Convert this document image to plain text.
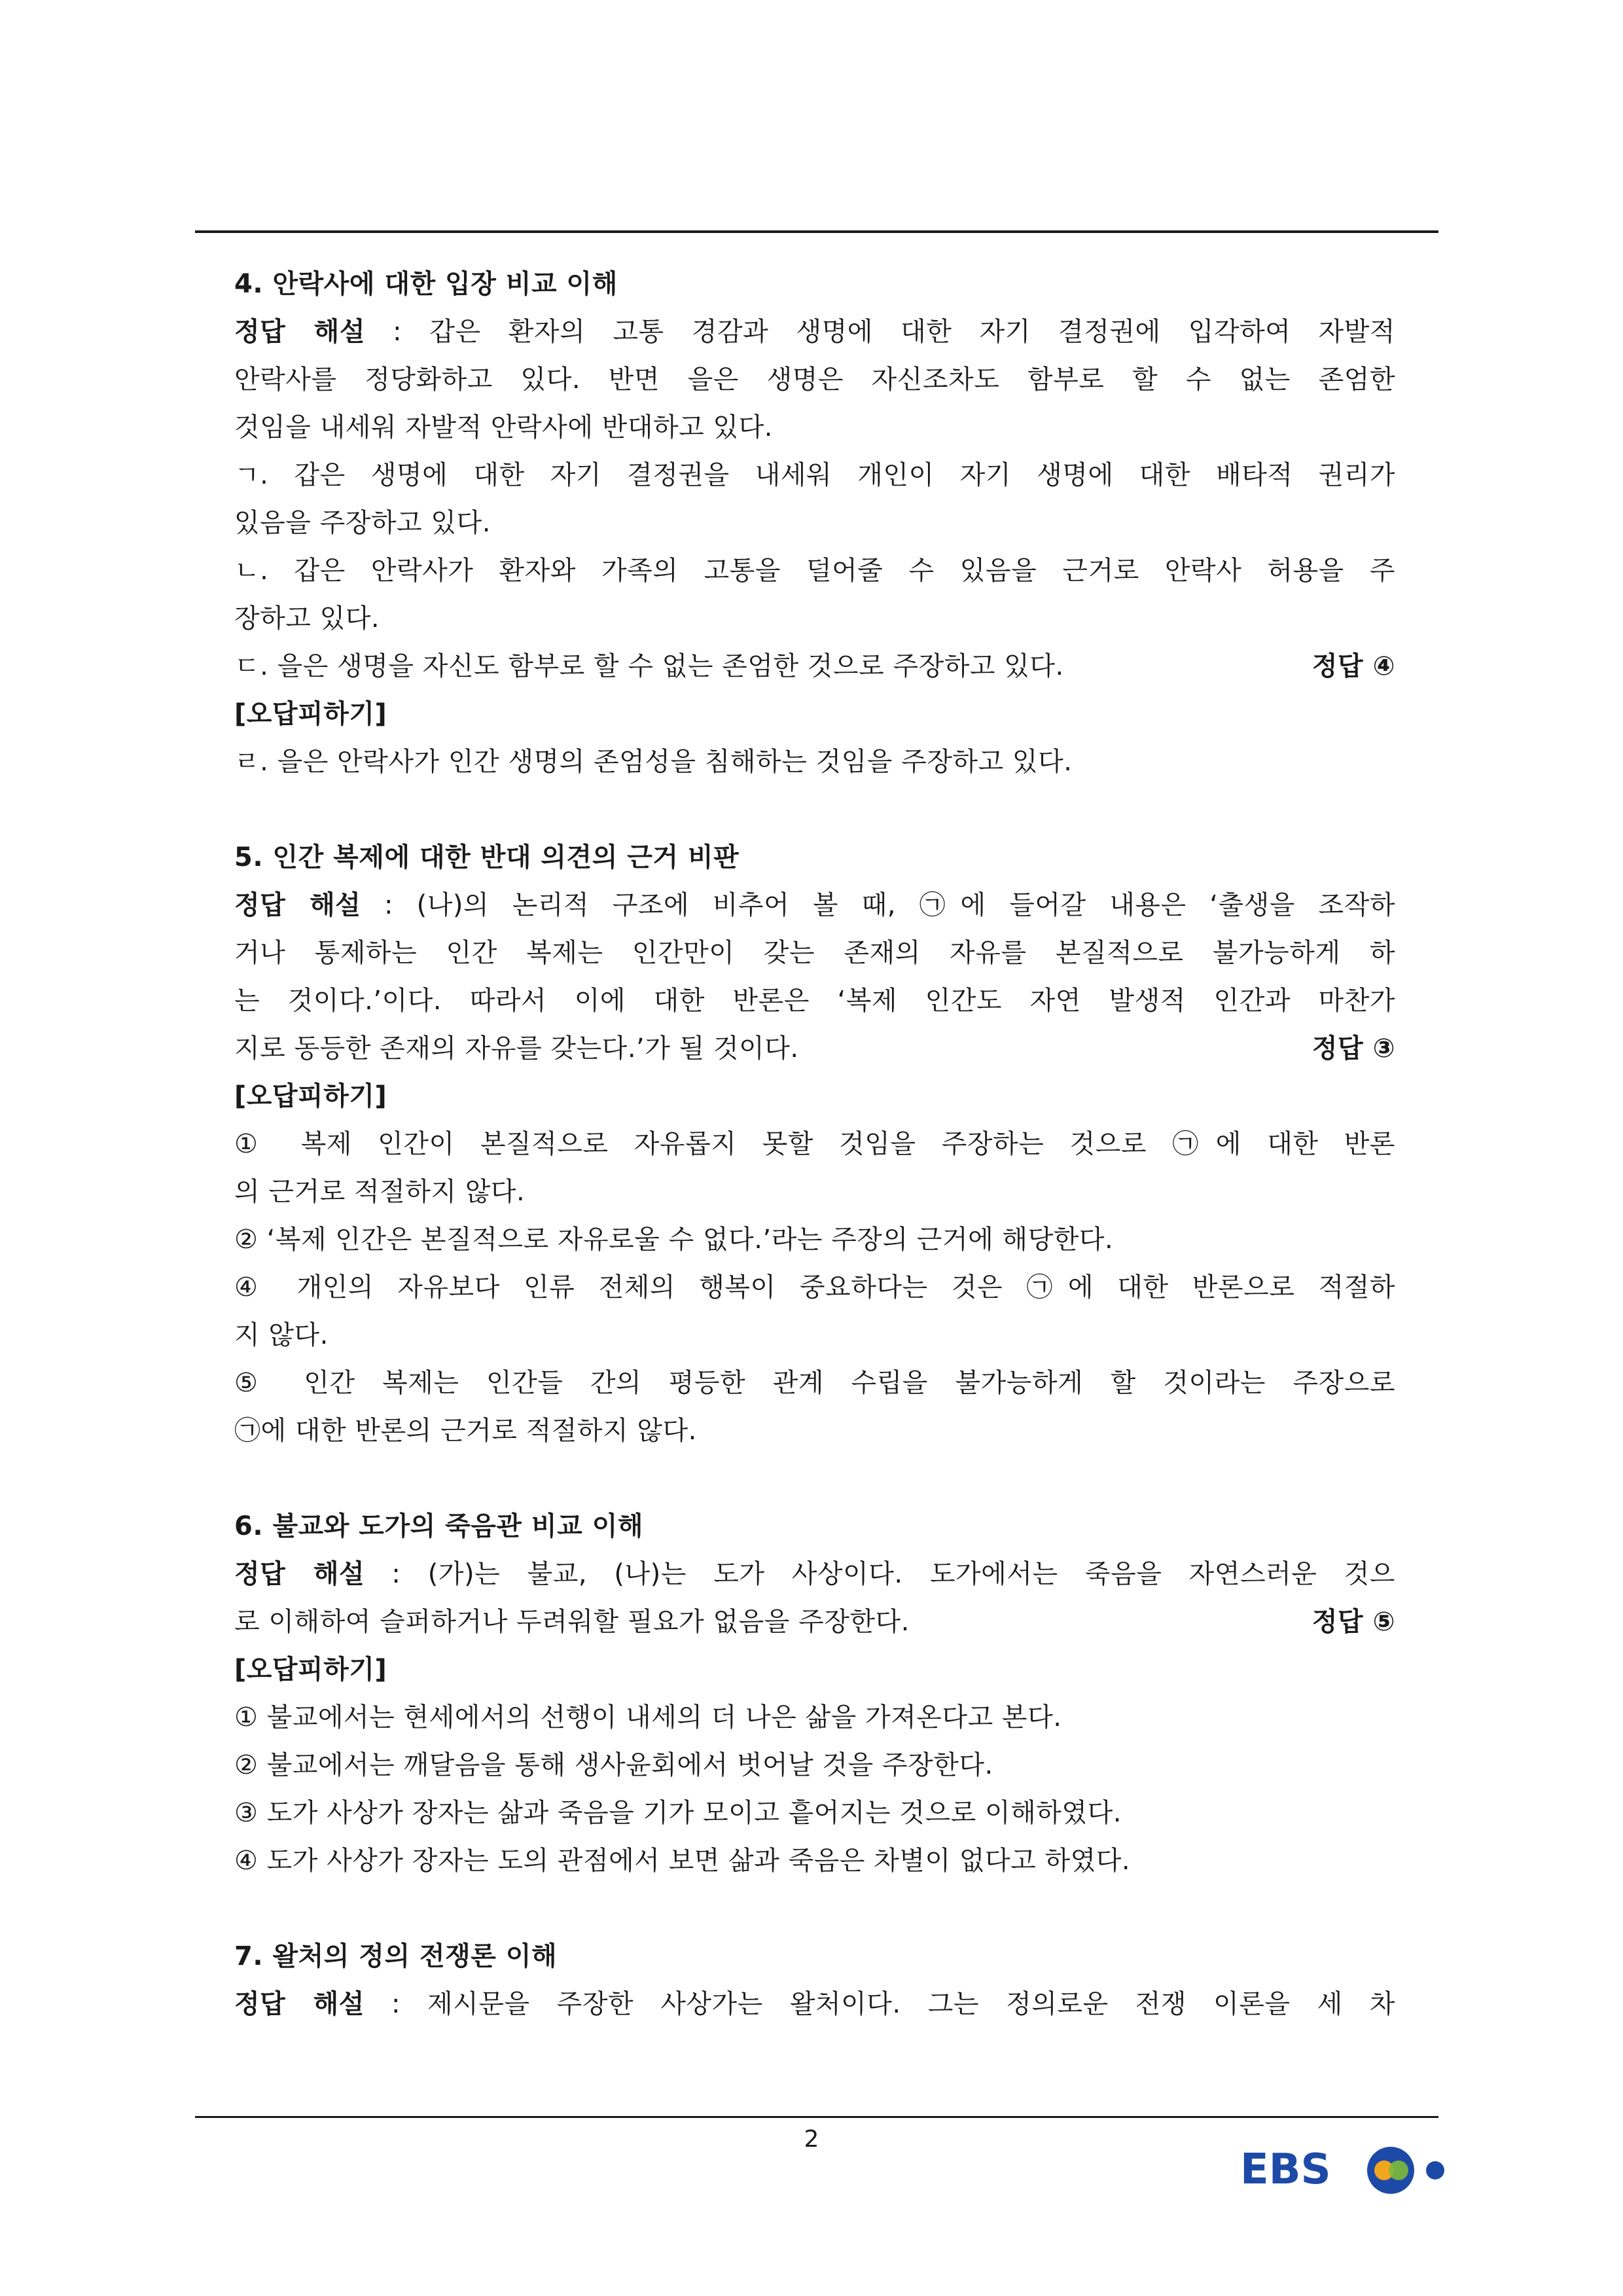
4. 안락사에 대한 입장 비교 이해
정답 해설 : 갑은 환자의 고통 경감과 생명에 대한 자기 결정권에 입각하여 자발적
안락사를 정당화하고 있다. 반면 을은 생명은 자신조차도 함부로 할 수 없는 존엄한
것임을 내세워 자발적 안락사에 반대하고 있다.
ㄱ. 갑은 생명에 대한 자기 결정권을 내세워 개인이 자기 생명에 대한 배타적 권리가
있음을 주장하고 있다.
ㄴ. 갑은 안락사가 환자와 가족의 고통을 덜어줄 수 있음을 근거로 안락사 허용을 주
장하고 있다.
ㄷ. 을은 생명을 자신도 함부로 할 수 없는 존엄한 것으로 주장하고 있다.	정답 ④
[오답피하기]
ㄹ. 을은 안락사가 인간 생명의 존엄성을 침해하는 것임을 주장하고 있다.
5. 인간 복제에 대한 반대 의견의 근거 비판
정답 해설 : (나)의 논리적 구조에 비추어 볼 때, ㉠에 들어갈 내용은 ‘출생을 조작하
거나 통제하는 인간 복제는 인간만이 갖는 존재의 자유를 본질적으로 불가능하게 하
는 것이다.’이다. 따라서 이에 대한 반론은 ‘복제 인간도 자연 발생적 인간과 마찬가
지로 동등한 존재의 자유를 갖는다.’가 될 것이다.	정답 ③
[오답피하기]
① 복제 인간이 본질적으로 자유롭지 못할 것임을 주장하는 것으로 ㉠에 대한 반론
의 근거로 적절하지 않다.
② ‘복제 인간은 본질적으로 자유로울 수 없다.’라는 주장의 근거에 해당한다.
④ 개인의 자유보다 인류 전체의 행복이 중요하다는 것은 ㉠에 대한 반론으로 적절하
지 않다.
⑤ 인간 복제는 인간들 간의 평등한 관계 수립을 불가능하게 할 것이라는 주장으로
㉠에 대한 반론의 근거로 적절하지 않다.
6. 불교와 도가의 죽음관 비교 이해
정답 해설 : (가)는 불교, (나)는 도가 사상이다. 도가에서는 죽음을 자연스러운 것으
로 이해하여 슬퍼하거나 두려워할 필요가 없음을 주장한다.	정답 ⑤
[오답피하기]
① 불교에서는 현세에서의 선행이 내세의 더 나은 삶을 가져온다고 본다.
② 불교에서는 깨달음을 통해 생사윤회에서 벗어날 것을 주장한다.
③ 도가 사상가 장자는 삶과 죽음을 기가 모이고 흩어지는 것으로 이해하였다.
④ 도가 사상가 장자는 도의 관점에서 보면 삶과 죽음은 차별이 없다고 하였다.
7. 왈처의 정의 전쟁론 이해
정답 해설 : 제시문을 주장한 사상가는 왈처이다. 그는 정의로운 전쟁 이론을 세 차
2
EBS
